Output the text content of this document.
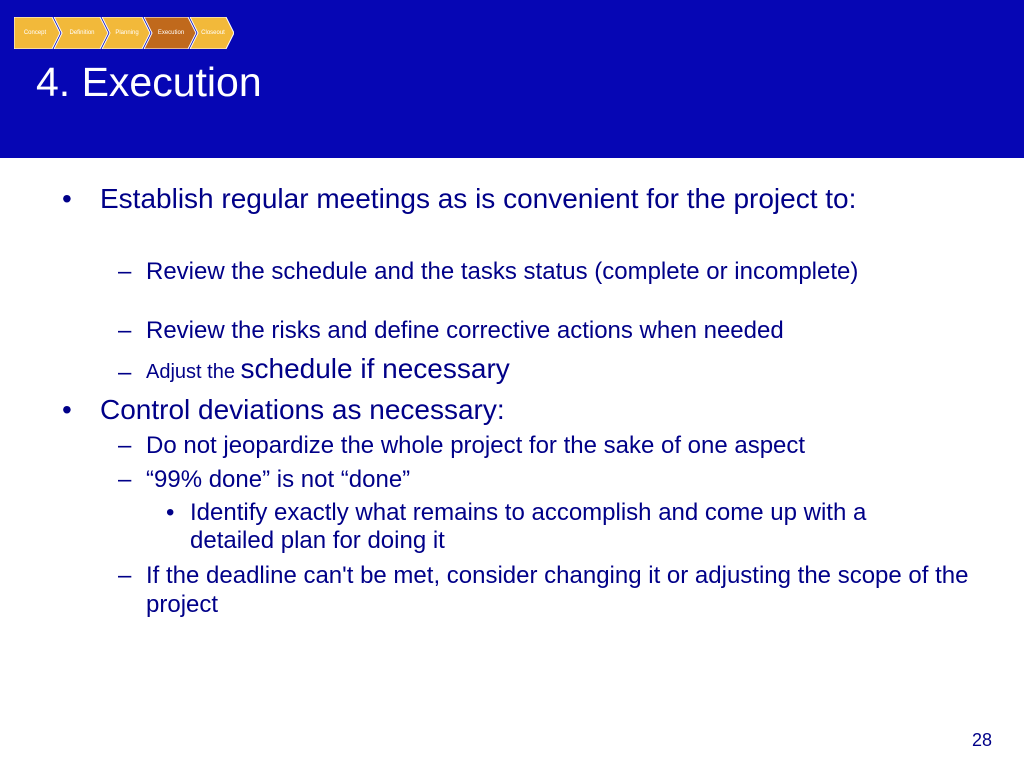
Concept	Definition	Planning	Execution	Closeout
4. Execution
• Establish regular meetings as is convenient for the project to:
– Review the schedule and the tasks status (complete or incomplete)
– Review the risks and define corrective actions when needed
– Adjust the schedule if necessary
• Control deviations as necessary:
– Do not jeopardize the whole project for the sake of one aspect
– “99% done” is not “done”
• Identify exactly what remains to accomplish and come up with a detailed plan for doing it
– If the deadline can't be met, consider changing it or adjusting the scope of the project
28
